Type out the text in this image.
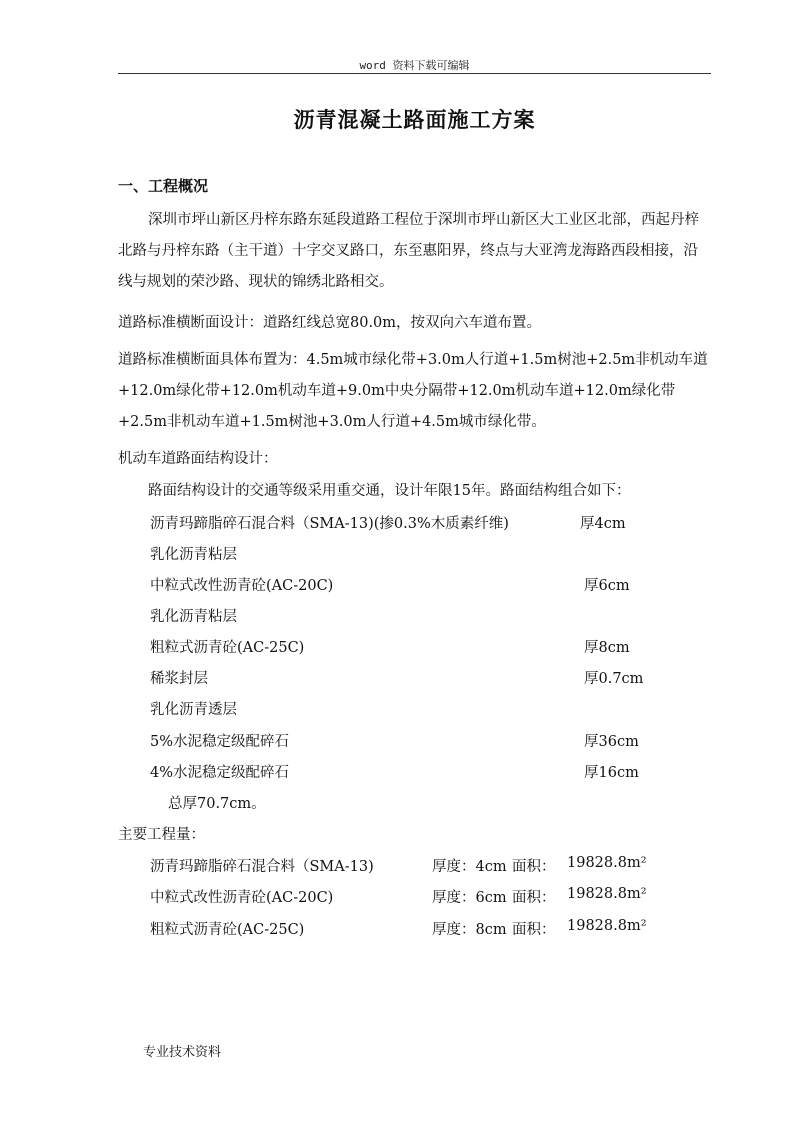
word 资料下载可编辑
沥青混凝土路面施工方案
一、工程概况
深圳市坪山新区丹梓东路东延段道路工程位于深圳市坪山新区大工业区北部，西起丹梓北路与丹梓东路（主干道）十字交叉路口，东至惠阳界，终点与大亚湾龙海路西段相接，沿线与规划的荣沙路、现状的锦绣北路相交。
道路标准横断面设计：道路红线总宽80.0m，按双向六车道布置。
道路标准横断面具体布置为：4.5m城市绿化带+3.0m人行道+1.5m树池+2.5m非机动车道+12.0m绿化带+12.0m机动车道+9.0m中央分隔带+12.0m机动车道+12.0m绿化带+2.5m非机动车道+1.5m树池+3.0m人行道+4.5m城市绿化带。
机动车道路面结构设计：
路面结构设计的交通等级采用重交通，设计年限15年。路面结构组合如下：
沥青玛蹄脂碎石混合料（SMA-13)(掺0.3%木质素纤维)	厚4cm
乳化沥青粘层
中粒式改性沥青砼(AC-20C)	厚6cm
乳化沥青粘层
粗粒式沥青砼(AC-25C)	厚8cm
稀浆封层	厚0.7cm
乳化沥青透层
5%水泥稳定级配碎石	厚36cm
4%水泥稳定级配碎石	厚16cm
总厚70.7cm。
主要工程量：
沥青玛蹄脂碎石混合料（SMA-13)	厚度：4cm 面积： 19828.8m²
中粒式改性沥青砼(AC-20C)	厚度：6cm 面积： 19828.8m²
粗粒式沥青砼(AC-25C)	厚度：8cm 面积： 19828.8m²
专业技术资料
